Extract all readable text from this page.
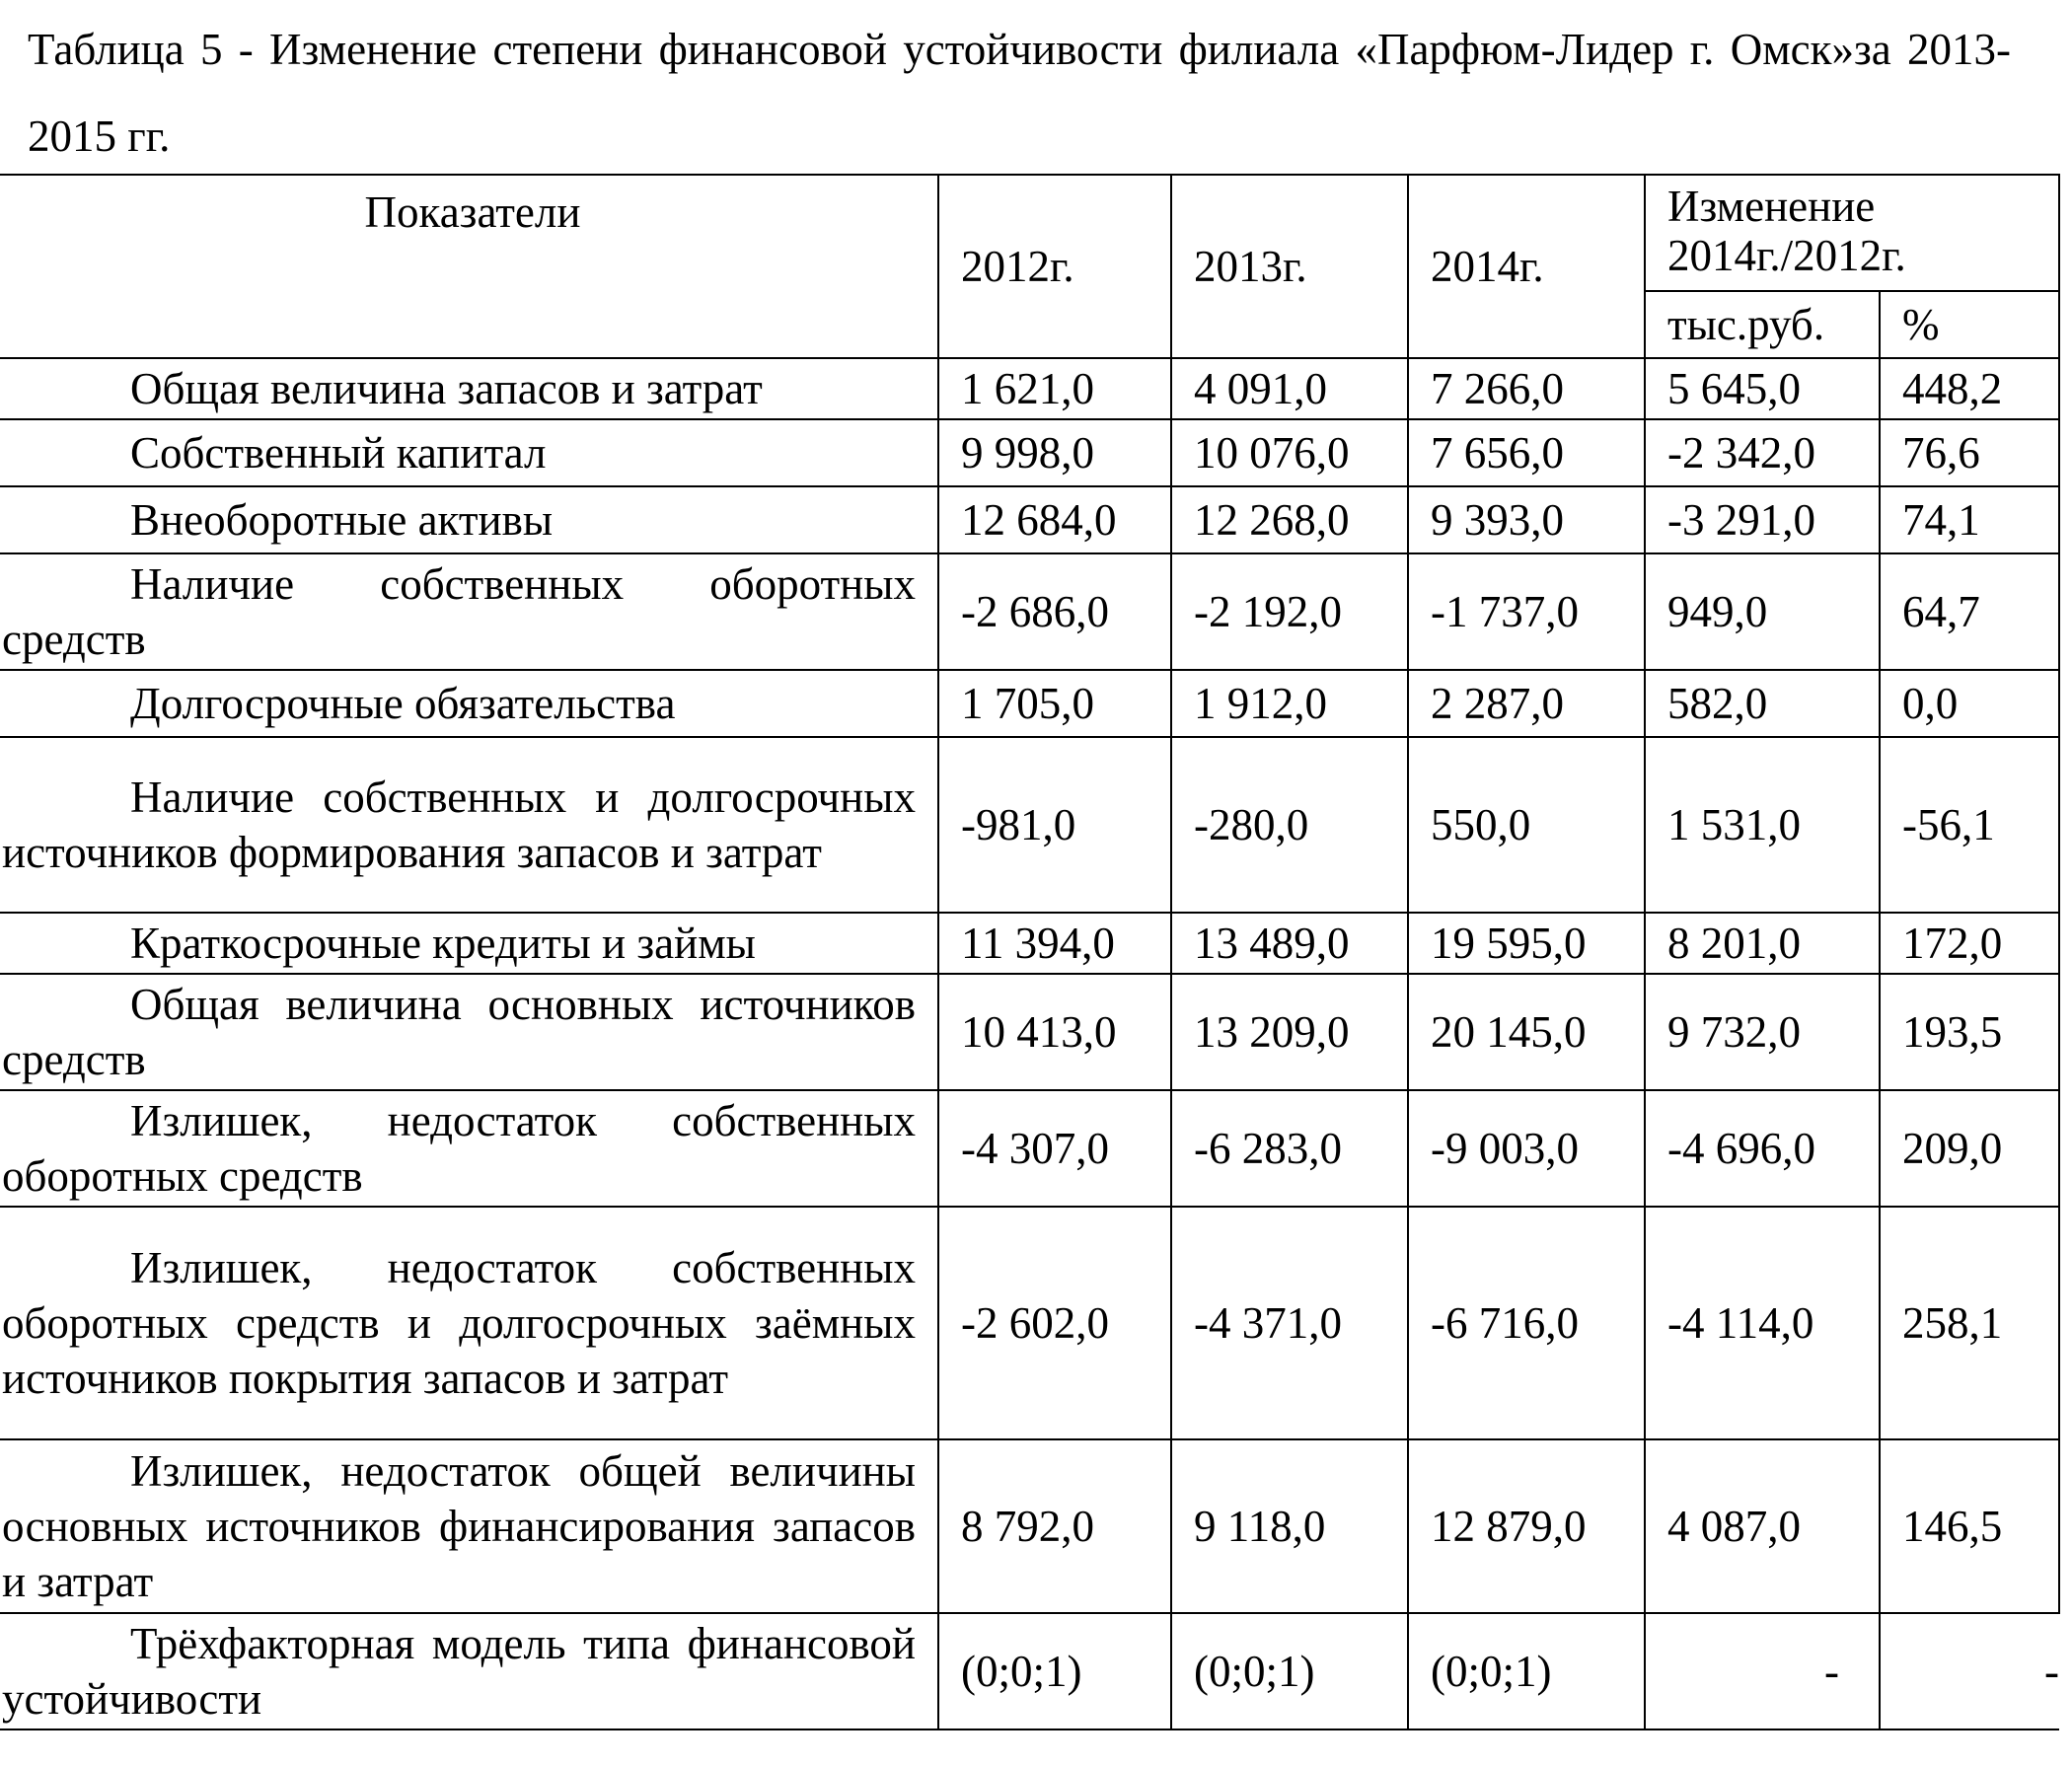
Таблица 5 - Изменение степени финансовой устойчивости филиала «Парфюм-Лидер г. Омск»за 2013-2015 гг.

Показатели	2012г.	2013г.	2014г.	Изменение 2014г./2012г.	
				тыс.руб.	%
Общая величина запасов и затрат	1 621,0	4 091,0	7 266,0	5 645,0	448,2
Собственный капитал	9 998,0	10 076,0	7 656,0	-2 342,0	76,6
Внеоборотные активы	12 684,0	12 268,0	9 393,0	-3 291,0	74,1
Наличие собственных оборотных средств	-2 686,0	-2 192,0	-1 737,0	949,0	64,7
Долгосрочные обязательства	1 705,0	1 912,0	2 287,0	582,0	0,0
Наличие собственных и долгосрочных источников формирования запасов и затрат	-981,0	-280,0	550,0	1 531,0	-56,1
Краткосрочные кредиты и займы	11 394,0	13 489,0	19 595,0	8 201,0	172,0
Общая величина основных источников средств	10 413,0	13 209,0	20 145,0	9 732,0	193,5
Излишек, недостаток собственных оборотных средств	-4 307,0	-6 283,0	-9 003,0	-4 696,0	209,0
Излишек, недостаток собственных оборотных средств и долгосрочных заёмных источников покрытия запасов и затрат	-2 602,0	-4 371,0	-6 716,0	-4 114,0	258,1
Излишек, недостаток общей величины основных источников финансирования запасов и затрат	8 792,0	9 118,0	12 879,0	4 087,0	146,5
Трёхфакторная модель типа финансовой устойчивости	(0;0;1)	(0;0;1)	(0;0;1)	-	-
